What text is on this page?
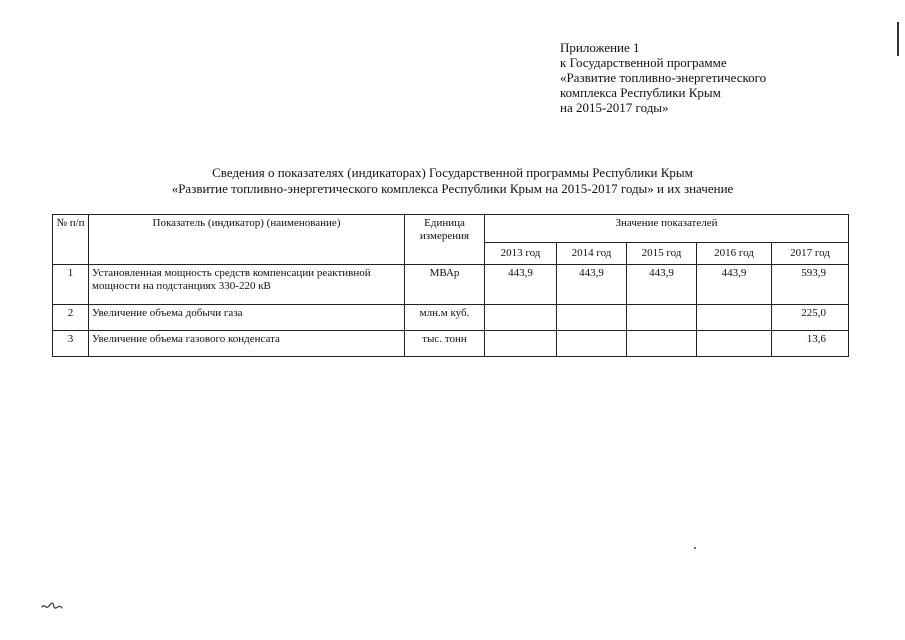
Приложение 1
к Государственной программе
«Развитие топливно-энергетического
комплекса Республики Крым
на 2015-2017 годы»
Сведения о показателях (индикаторах) Государственной программы Республики Крым
«Развитие топливно-энергетического комплекса Республики Крым на 2015-2017 годы» и их значение
№ п/п	Показатель (индикатор) (наименование)	Единица измерения	Значение показателей				
			2013 год	2014 год	2015 год	2016 год	2017 год
1	Установленная мощность средств компенсации реактивной мощности на подстанциях 330-220 кВ	МВАр	443,9	443,9	443,9	443,9	593,9
2	Увеличение объема добычи газа	млн.м куб.					225,0
3	Увеличение объема газового конденсата	тыс. тонн					13,6
